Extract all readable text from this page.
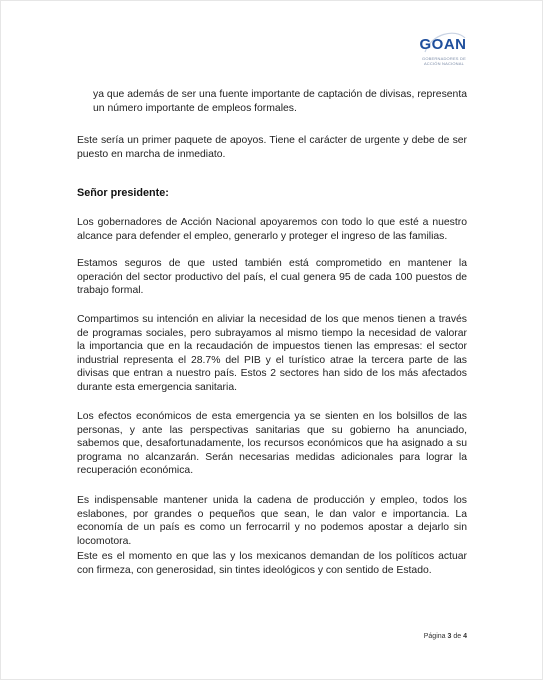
GOAN
GOBERNADORES DE ACCIÓN NACIONAL

ya que además de ser una fuente importante de captación de divisas, representa un número importante de empleos formales.

Este sería un primer paquete de apoyos. Tiene el carácter de urgente y debe de ser puesto en marcha de inmediato.

Señor presidente:

Los gobernadores de Acción Nacional apoyaremos con todo lo que esté a nuestro alcance para defender el empleo, generarlo y proteger el ingreso de las familias.

Estamos seguros de que usted también está comprometido en mantener la operación del sector productivo del país, el cual genera 95 de cada 100 puestos de trabajo formal.

Compartimos su intención en aliviar la necesidad de los que menos tienen a través de programas sociales, pero subrayamos al mismo tiempo la necesidad de valorar la importancia que en la recaudación de impuestos tienen las empresas: el sector industrial representa el 28.7% del PIB y el turístico atrae la tercera parte de las divisas que entran a nuestro país. Estos 2 sectores han sido de los más afectados durante esta emergencia sanitaria.

Los efectos económicos de esta emergencia ya se sienten en los bolsillos de las personas, y ante las perspectivas sanitarias que su gobierno ha anunciado, sabemos que, desafortunadamente, los recursos económicos que ha asignado a su programa no alcanzarán. Serán necesarias medidas adicionales para lograr la recuperación económica.

Es indispensable mantener unida la cadena de producción y empleo, todos los eslabones, por grandes o pequeños que sean, le dan valor e importancia. La economía de un país es como un ferrocarril y no podemos apostar a dejarlo sin locomotora.

Este es el momento en que las y los mexicanos demandan de los políticos actuar con firmeza, con generosidad, sin tintes ideológicos y con sentido de Estado.

Página 3 de 4
